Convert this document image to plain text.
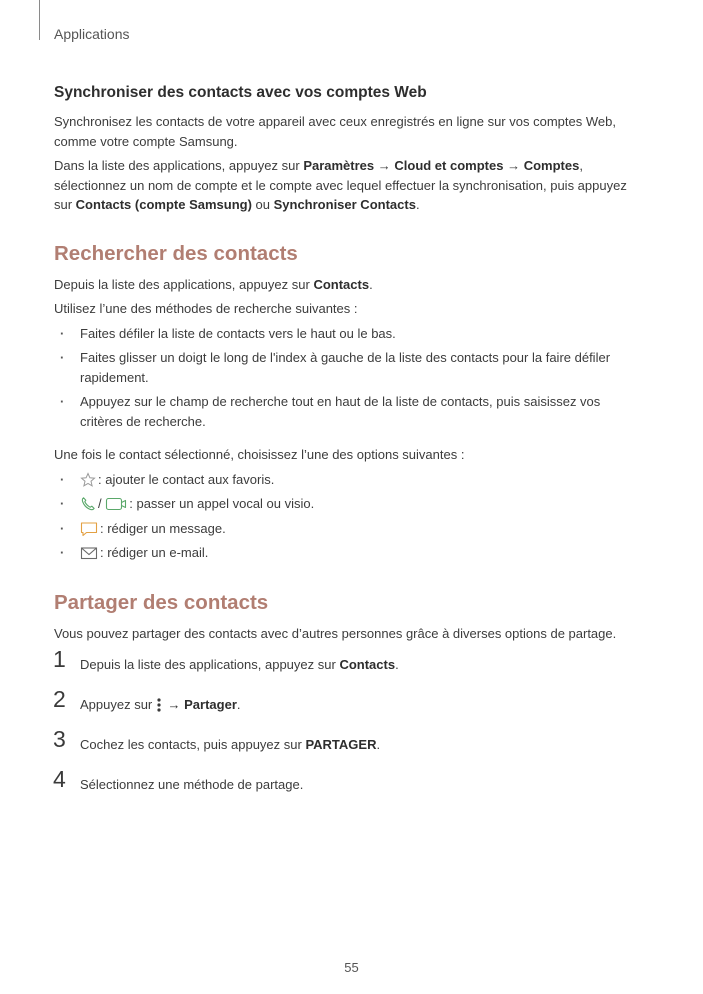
Applications
Synchroniser des contacts avec vos comptes Web

Synchronisez les contacts de votre appareil avec ceux enregistrés en ligne sur vos comptes Web, comme votre compte Samsung.

Dans la liste des applications, appuyez sur Paramètres → Cloud et comptes → Comptes, sélectionnez un nom de compte et le compte avec lequel effectuer la synchronisation, puis appuyez sur Contacts (compte Samsung) ou Synchroniser Contacts.

Rechercher des contacts

Depuis la liste des applications, appuyez sur Contacts.

Utilisez l’une des méthodes de recherche suivantes :

· Faites défiler la liste de contacts vers le haut ou le bas.
· Faites glisser un doigt le long de l'index à gauche de la liste des contacts pour la faire défiler rapidement.
· Appuyez sur le champ de recherche tout en haut de la liste de contacts, puis saisissez vos critères de recherche.

Une fois le contact sélectionné, choisissez l’une des options suivantes :

· : ajouter le contact aux favoris.
· / : passer un appel vocal ou visio.
· : rédiger un message.
· : rédiger un e-mail.
Partager des contacts

Vous pouvez partager des contacts avec d’autres personnes grâce à diverses options de partage.

1 Depuis la liste des applications, appuyez sur Contacts.
2 Appuyez sur
→ Partager.
3 Cochez les contacts, puis appuyez sur PARTAGER.
4 Sélectionnez une méthode de partage.
55
